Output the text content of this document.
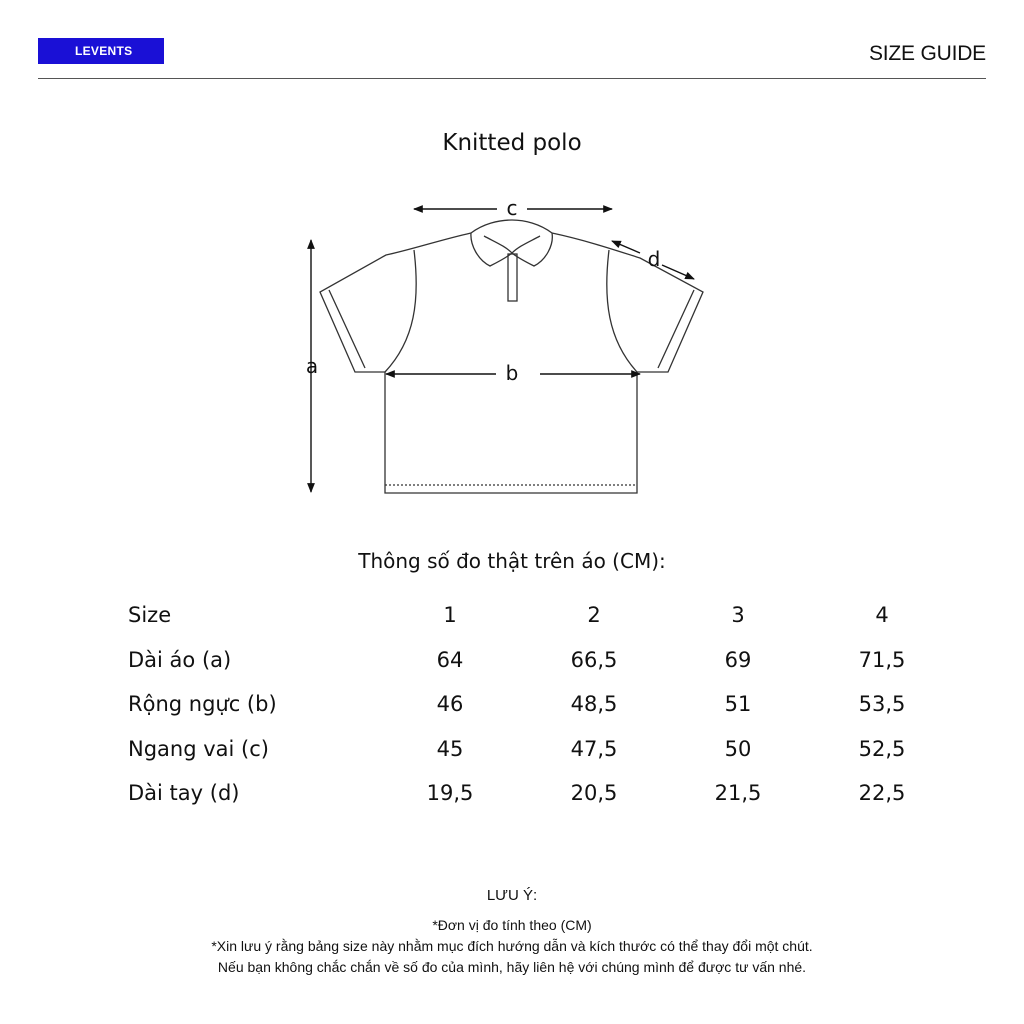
LEVENTS	SIZE GUIDE
Knitted polo
a	b
c
d
Thông số đo thật trên áo (CM):
Size	1	2	3	4
Dài áo (a)	64	66,5	69	71,5
Rộng ngực (b)	46	48,5	51	53,5
Ngang vai (c)	45	47,5	50	52,5
Dài tay (d)	19,5	20,5	21,5	22,5
LƯU Ý:
*Đơn vị đo tính theo (CM)
*Xin lưu ý rằng bảng size này nhằm mục đích hướng dẫn và kích thước có thể thay đổi một chút.
Nếu bạn không chắc chắn về số đo của mình, hãy liên hệ với chúng mình để được tư vấn nhé.
